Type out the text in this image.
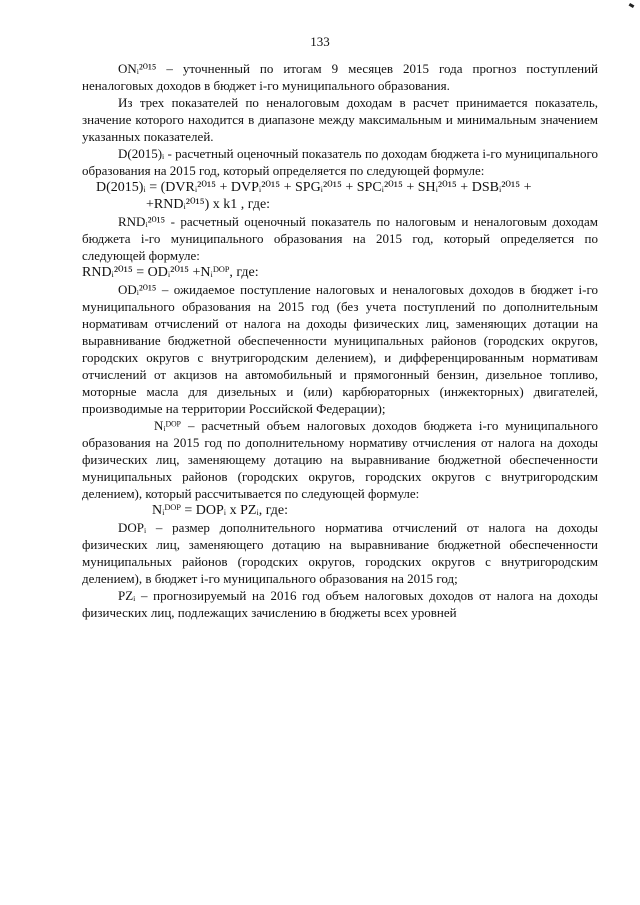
133

ONᵢ²⁰¹⁵ – уточненный по итогам 9 месяцев 2015 года прогноз поступлений неналоговых доходов в бюджет i-го муниципального образования.

Из трех показателей по неналоговым доходам в расчет принимается показатель, значение которого находится в диапазоне между максимальным и минимальным значением указанных показателей.

D(2015)ᵢ - расчетный оценочный показатель по доходам бюджета i-го муниципального образования на 2015 год, который определяется по следующей формуле:

D(2015)ᵢ = (DVRᵢ²⁰¹⁵ + DVPᵢ²⁰¹⁵ + SPGᵢ²⁰¹⁵ + SPCᵢ²⁰¹⁵ + SHᵢ²⁰¹⁵ + DSBᵢ²⁰¹⁵ +

+RNDᵢ²⁰¹⁵) x k1 , где:

RNDᵢ²⁰¹⁵ - расчетный оценочный показатель по налоговым и неналоговым доходам бюджета i-го муниципального образования на 2015 год, который определяется по следующей формуле:

RNDᵢ²⁰¹⁵ = ODᵢ²⁰¹⁵ +Nᵢᴰᴼᴾ, где:

ODᵢ²⁰¹⁵ – ожидаемое поступление налоговых и неналоговых доходов в бюджет i-го муниципального образования на 2015 год (без учета поступлений по дополнительным нормативам отчислений от налога на доходы физических лиц, заменяющих дотации на выравнивание бюджетной обеспеченности муниципальных районов (городских округов, городских округов с внутригородским делением), и дифференцированным нормативам отчислений от акцизов на автомобильный и прямогонный бензин, дизельное топливо, моторные масла для дизельных и (или) карбюраторных (инжекторных) двигателей, производимые на территории Российской Федерации);

Nᵢᴰᴼᴾ – расчетный объем налоговых доходов бюджета i-го муниципального образования на 2015 год по дополнительному нормативу отчисления от налога на доходы физических лиц, заменяющему дотацию на выравнивание бюджетной обеспеченности муниципальных районов (городских округов, городских округов с внутригородским делением), который рассчитывается по следующей формуле:

Nᵢᴰᴼᴾ = DOPᵢ x PZᵢ, где:

DOPᵢ – размер дополнительного норматива отчислений от налога на доходы физических лиц, заменяющего дотацию на выравнивание бюджетной обеспеченности муниципальных районов (городских округов, городских округов с внутригородским делением), в бюджет i-го муниципального образования на 2015 год;

PZᵢ – прогнозируемый на 2016 год объем налоговых доходов от налога на доходы физических лиц, подлежащих зачислению в бюджеты всех уровней
